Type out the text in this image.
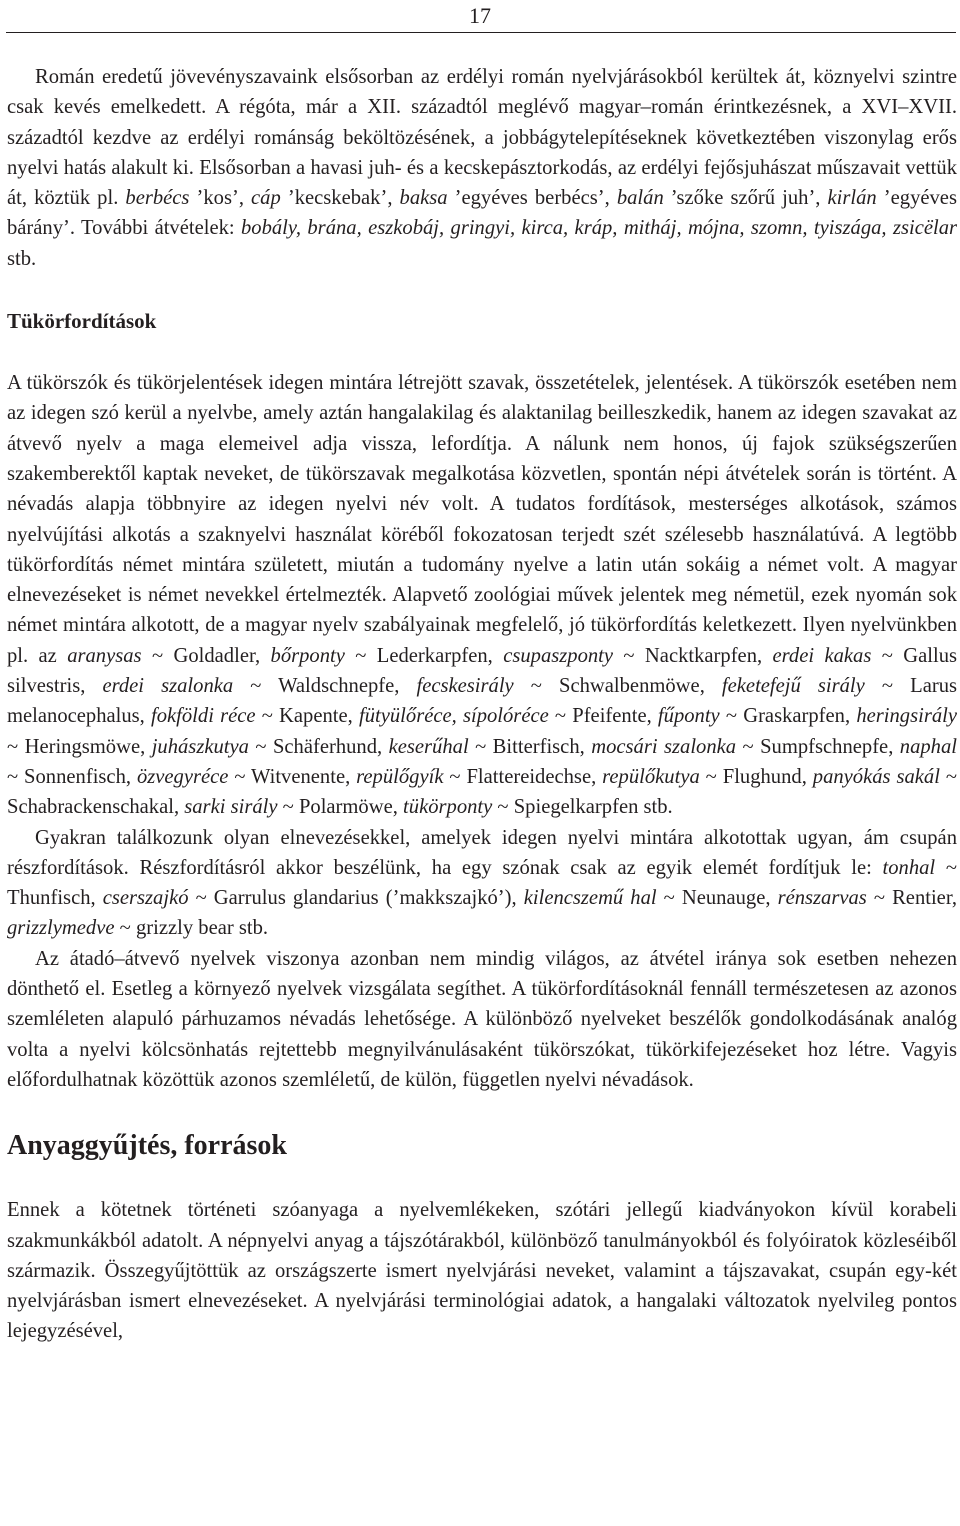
17

Román eredetű jövevényszavaink elsősorban az erdélyi román nyelvjárásokból kerültek át, köznyelvi szintre csak kevés emelkedett. A régóta, már a XII. századtól meglévő magyar–román érintkezésnek, a XVI–XVII. századtól kezdve az erdélyi románság beköltözésének, a jobbágytelepítéseknek következtében viszonylag erős nyelvi hatás alakult ki. Elsősorban a havasi juh- és a kecskepásztorkodás, az erdélyi fejősjuhászat műszavait vettük át, köztük pl. berbécs ’kos’, cáp ’kecskebak’, baksa ’egyéves berbécs’, balán ’szőke szőrű juh’, kirlán ’egyéves bárány’. További átvételek: bobály, brána, eszkobáj, gringyi, kirca, kráp, mitháj, mójna, szomn, tyiszága, zsicëlar stb.

Tükörfordítások

A tükörszók és tükörjelentések idegen mintára létrejött szavak, összetételek, jelentések. A tükörszók esetében nem az idegen szó kerül a nyelvbe, amely aztán hangalakilag és alaktanilag beilleszkedik, hanem az idegen szavakat az átvevő nyelv a maga elemeivel adja vissza, lefordítja. A nálunk nem honos, új fajok szükségszerűen szakemberektől kaptak neveket, de tükörszavak megalkotása közvetlen, spontán népi átvételek során is történt. A névadás alapja többnyire az idegen nyelvi név volt. A tudatos fordítások, mesterséges alkotások, számos nyelvújítási alkotás a szaknyelvi használat köréből fokozatosan terjedt szét szélesebb használatúvá. A legtöbb tükörfordítás német mintára született, miután a tudomány nyelve a latin után sokáig a német volt. A magyar elnevezéseket is német nevekkel értelmezték. Alapvető zoológiai művek jelentek meg németül, ezek nyomán sok német mintára alkotott, de a magyar nyelv szabályainak megfelelő, jó tükörfordítás keletkezett. Ilyen nyelvünkben pl. az aranysas ~ Goldadler, bőrponty ~ Lederkarpfen, csupaszponty ~ Nacktkarpfen, erdei kakas ~ Gallus silvestris, erdei szalonka ~ Waldschnepfe, fecskesirály ~ Schwalbenmöwe, feketefejű sirály ~ Larus melanocephalus, fokföldi réce ~ Kapente, fütyülőréce, sípolóréce ~ Pfeifente, fűponty ~ Graskarpfen, heringsirály ~ Heringsmöwe, juhászkutya ~ Schäferhund, keserűhal ~ Bitterfisch, mocsári szalonka ~ Sumpfschnepfe, naphal ~ Sonnenfisch, özvegyréce ~ Witvenente, repülőgyík ~ Flattereidechse, repülőkutya ~ Flughund, panyókás sakál ~ Schabrackenschakal, sarki sirály ~ Polarmöwe, tükörponty ~ Spiegelkarpfen stb.

Gyakran találkozunk olyan elnevezésekkel, amelyek idegen nyelvi mintára alkotottak ugyan, ám csupán részfordítások. Részfordításról akkor beszélünk, ha egy szónak csak az egyik elemét fordítjuk le: tonhal ~ Thunfisch, cserszajkó ~ Garrulus glandarius (’makkszajkó’), kilencszemű hal ~ Neunauge, rénszarvas ~ Rentier, grizzlymedve ~ grizzly bear stb.

Az átadó–átvevő nyelvek viszonya azonban nem mindig világos, az átvétel iránya sok esetben nehezen dönthető el. Esetleg a környező nyelvek vizsgálata segíthet. A tükörfordításoknál fennáll természetesen az azonos szemléleten alapuló párhuzamos névadás lehetősége. A különböző nyelveket beszélők gondolkodásának analóg volta a nyelvi kölcsönhatás rejtettebb megnyilvánulásaként tükörszókat, tükörkifejezéseket hoz létre. Vagyis előfordulhatnak közöttük azonos szemléletű, de külön, független nyelvi névadások.

Anyaggyűjtés, források

Ennek a kötetnek történeti szóanyaga a nyelvemlékeken, szótári jellegű kiadványokon kívül korabeli szakmunkákból adatolt. A népnyelvi anyag a tájszótárakból, különböző tanulmányokból és folyóiratok közleséiből származik. Összegyűjtöttük az országszerte ismert nyelvjárási neveket, valamint a tájszavakat, csupán egy-két nyelvjárásban ismert elnevezéseket. A nyelvjárási terminológiai adatok, a hangalaki változatok nyelvileg pontos lejegyzésével,
